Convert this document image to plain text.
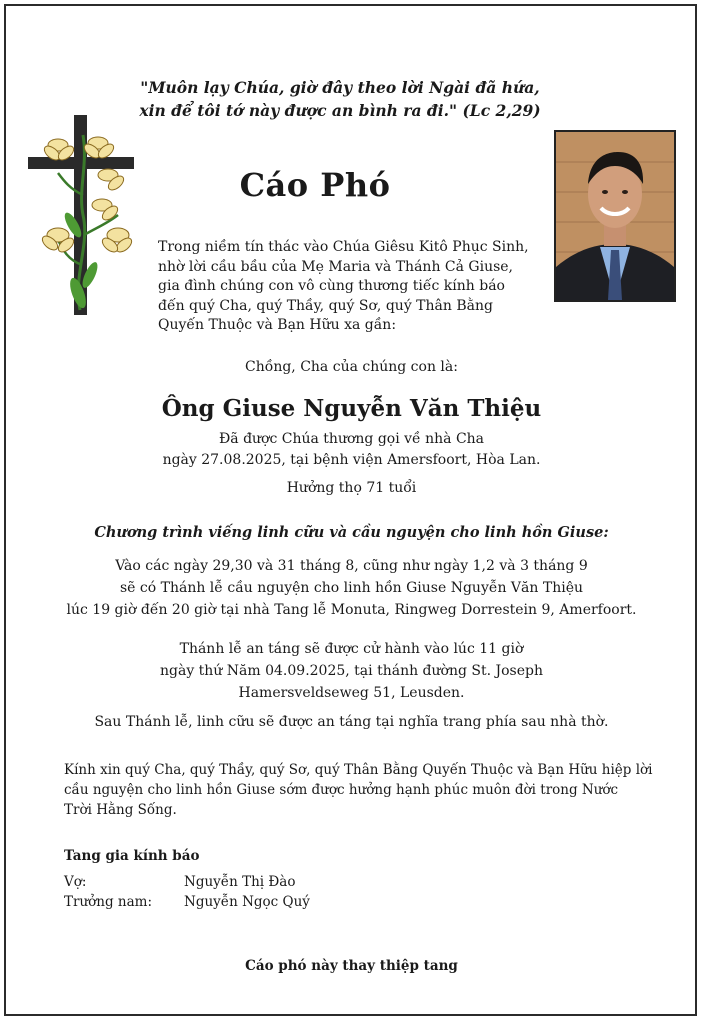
"Muôn lạy Chúa, giờ đây theo lời Ngài đã hứa,
xin để tôi tớ này được an bình ra đi." (Lc 2,29)
Cáo Phó
Trong niềm tín thác vào Chúa Giêsu Kitô Phục Sinh,
nhờ lời cầu bầu của Mẹ Maria và Thánh Cả Giuse,
gia đình chúng con vô cùng thương tiếc kính báo
đến quý Cha, quý Thầy, quý Sơ, quý Thân Bằng
Quyến Thuộc và Bạn Hữu xa gần:
Chồng, Cha của chúng con là:
Ông Giuse Nguyễn Văn Thiệu
Đã được Chúa thương gọi về nhà Cha
ngày 27.08.2025, tại bệnh viện Amersfoort, Hòa Lan.
Hưởng thọ 71 tuổi
Chương trình viếng linh cữu và cầu nguyện cho linh hồn Giuse:
Vào các ngày 29,30 và 31 tháng 8, cũng như ngày 1,2 và 3 tháng 9
sẽ có Thánh lễ cầu nguyện cho linh hồn Giuse Nguyễn Văn Thiệu
lúc 19 giờ đến 20 giờ tại nhà Tang lễ Monuta, Ringweg Dorrestein 9, Amerfoort.
Thánh lễ an táng sẽ được cử hành vào lúc 11 giờ
ngày thứ Năm 04.09.2025, tại thánh đường St. Joseph
Hamersveldseweg 51, Leusden.
Sau Thánh lễ, linh cữu sẽ được an táng tại nghĩa trang phía sau nhà thờ.
Kính xin quý Cha, quý Thầy, quý Sơ, quý Thân Bằng Quyến Thuộc và Bạn Hữu hiệp lời
cầu nguyện cho linh hồn Giuse sớm được hưởng hạnh phúc muôn đời trong Nước
Trời Hằng Sống.
Tang gia kính báo
Vợ:	Nguyễn Thị Đào
Trưởng nam: Nguyễn Ngọc Quý
Cáo phó này thay thiệp tang
